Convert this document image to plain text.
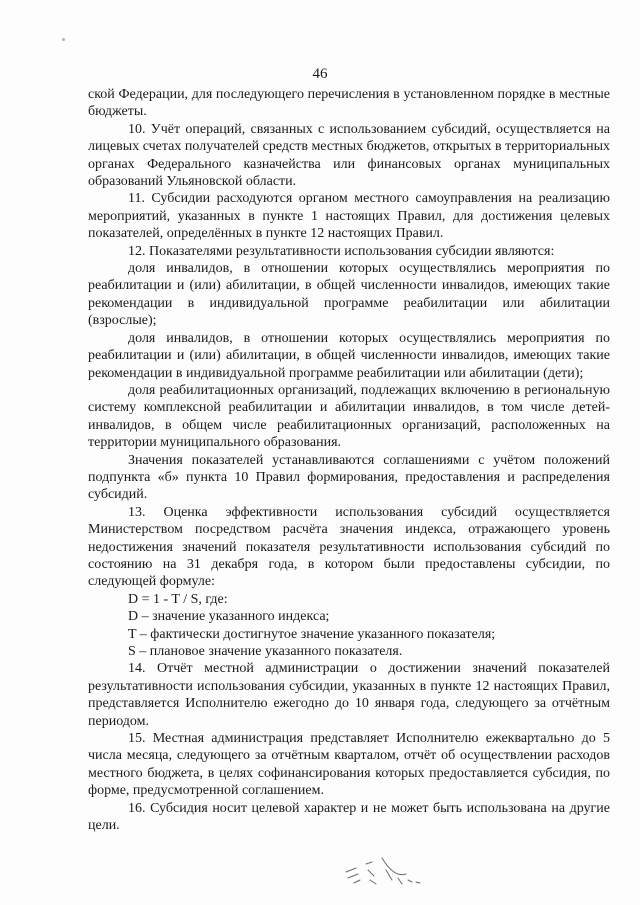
46

ской Федерации, для последующего перечисления в установленном порядке в местные бюджеты.

10. Учёт операций, связанных с использованием субсидий, осуществляется на лицевых счетах получателей средств местных бюджетов, открытых в территориальных органах Федерального казначейства или финансовых органах муниципальных образований Ульяновской области.

11. Субсидии расходуются органом местного самоуправления на реализацию мероприятий, указанных в пункте 1 настоящих Правил, для достижения целевых показателей, определённых в пункте 12 настоящих Правил.

12. Показателями результативности использования субсидии являются:

доля инвалидов, в отношении которых осуществлялись мероприятия по реабилитации и (или) абилитации, в общей численности инвалидов, имеющих такие рекомендации в индивидуальной программе реабилитации или абилитации (взрослые);

доля инвалидов, в отношении которых осуществлялись мероприятия по реабилитации и (или) абилитации, в общей численности инвалидов, имеющих такие рекомендации в индивидуальной программе реабилитации или абилитации (дети);

доля реабилитационных организаций, подлежащих включению в региональную систему комплексной реабилитации и абилитации инвалидов, в том числе детей-инвалидов, в общем числе реабилитационных организаций, расположенных на территории муниципального образования.

Значения показателей устанавливаются соглашениями с учётом положений подпункта «б» пункта 10 Правил формирования, предоставления и распределения субсидий.

13. Оценка эффективности использования субсидий осуществляется Министерством посредством расчёта значения индекса, отражающего уровень недостижения значений показателя результативности использования субсидий по состоянию на 31 декабря года, в котором были предоставлены субсидии, по следующей формуле:

D = 1 - T / S, где:

D – значение указанного индекса;

T – фактически достигнутое значение указанного показателя;

S – плановое значение указанного показателя.

14. Отчёт местной администрации о достижении значений показателей результативности использования субсидии, указанных в пункте 12 настоящих Правил, представляется Исполнителю ежегодно до 10 января года, следующего за отчётным периодом.

15. Местная администрация представляет Исполнителю ежеквартально до 5 числа месяца, следующего за отчётным кварталом, отчёт об осуществлении расходов местного бюджета, в целях софинансирования которых предоставляется субсидия, по форме, предусмотренной соглашением.

16. Субсидия носит целевой характер и не может быть использована на другие цели.
